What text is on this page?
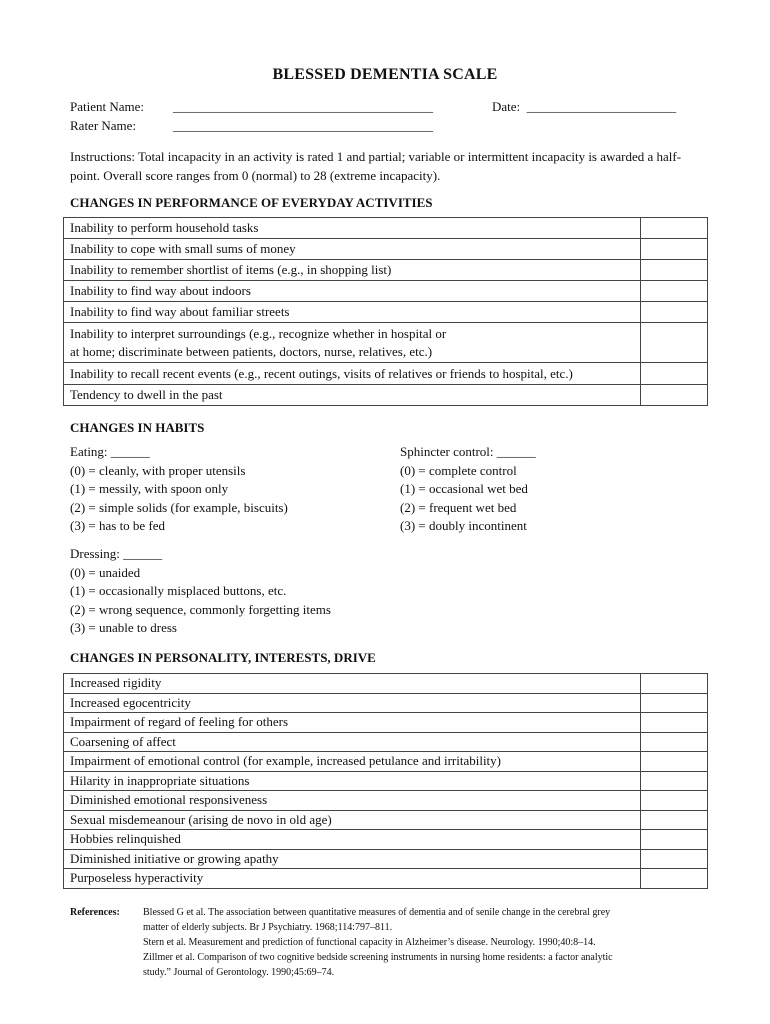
BLESSED DEMENTIA SCALE
Patient Name: ________________________________________	Date: _______________________
Rater Name:	________________________________________
Instructions: Total incapacity in an activity is rated 1 and partial; variable or intermittent incapacity is awarded a half-point. Overall score ranges from 0 (normal) to 28 (extreme incapacity).
CHANGES IN PERFORMANCE OF EVERYDAY ACTIVITIES
Inability to perform household tasks	
Inability to cope with small sums of money	
Inability to remember shortlist of items (e.g., in shopping list)	
Inability to find way about indoors	
Inability to find way about familiar streets	
Inability to interpret surroundings (e.g., recognize whether in hospital or
at home; discriminate between patients, doctors, nurse, relatives, etc.)	
Inability to recall recent events (e.g., recent outings, visits of relatives or friends to hospital, etc.)	
Tendency to dwell in the past	
CHANGES IN HABITS
Eating: ______
(0) = cleanly, with proper utensils
(1) = messily, with spoon only
(2) = simple solids (for example, biscuits)
(3) = has to be fed
Sphincter control: ______
(0) = complete control
(1) = occasional wet bed
(2) = frequent wet bed
(3) = doubly incontinent
Dressing: ______
(0) = unaided
(1) = occasionally misplaced buttons, etc.
(2) = wrong sequence, commonly forgetting items
(3) = unable to dress
CHANGES IN PERSONALITY, INTERESTS, DRIVE
Increased rigidity	
Increased egocentricity	
Impairment of regard of feeling for others	
Coarsening of affect	
Impairment of emotional control (for example, increased petulance and irritability)	
Hilarity in inappropriate situations	
Diminished emotional responsiveness	
Sexual misdemeanour (arising de novo in old age)	
Hobbies relinquished	
Diminished initiative or growing apathy	
Purposeless hyperactivity	
References: Blessed G et al. The association between quantitative measures of dementia and of senile change in the cerebral grey
matter of elderly subjects. Br J Psychiatry. 1968;114:797–811.
Stern et al. Measurement and prediction of functional capacity in Alzheimer’s disease. Neurology. 1990;40:8–14.
Zillmer et al. Comparison of two cognitive bedside screening instruments in nursing home residents: a factor analytic
study.” Journal of Gerontology. 1990;45:69–74.
